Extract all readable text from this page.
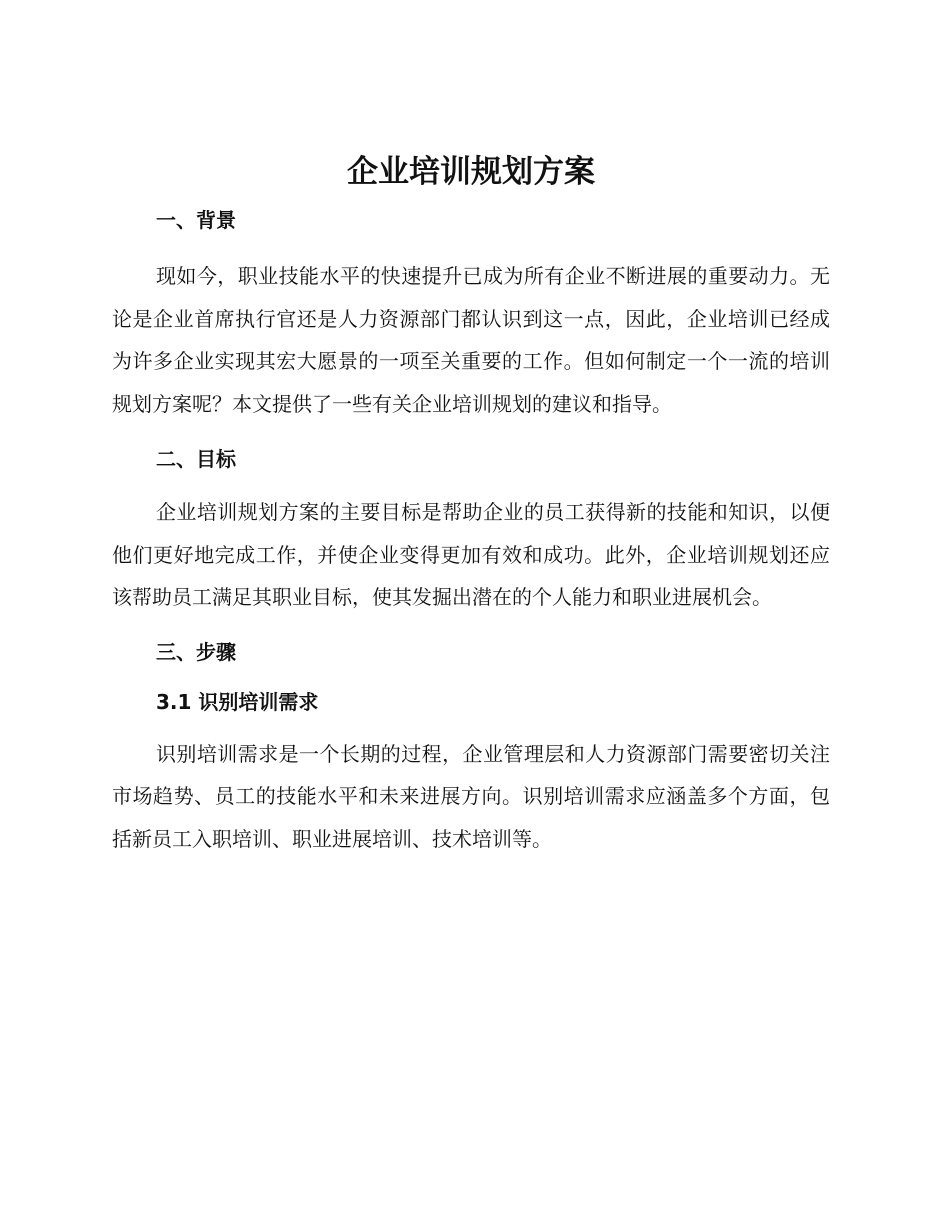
企业培训规划方案
一、背景

现如今，职业技能水平的快速提升已成为所有企业不断进展的重要动力。无论是企业首席执行官还是人力资源部门都认识到这一点，因此，企业培训已经成为许多企业实现其宏大愿景的一项至关重要的工作。但如何制定一个一流的培训规划方案呢？本文提供了一些有关企业培训规划的建议和指导。

二、目标

企业培训规划方案的主要目标是帮助企业的员工获得新的技能和知识，以便他们更好地完成工作，并使企业变得更加有效和成功。此外，企业培训规划还应该帮助员工满足其职业目标，使其发掘出潜在的个人能力和职业进展机会。

三、步骤
3.1 识别培训需求

识别培训需求是一个长期的过程，企业管理层和人力资源部门需要密切关注市场趋势、员工的技能水平和未来进展方向。识别培训需求应涵盖多个方面，包括新员工入职培训、职业进展培训、技术培训等。
